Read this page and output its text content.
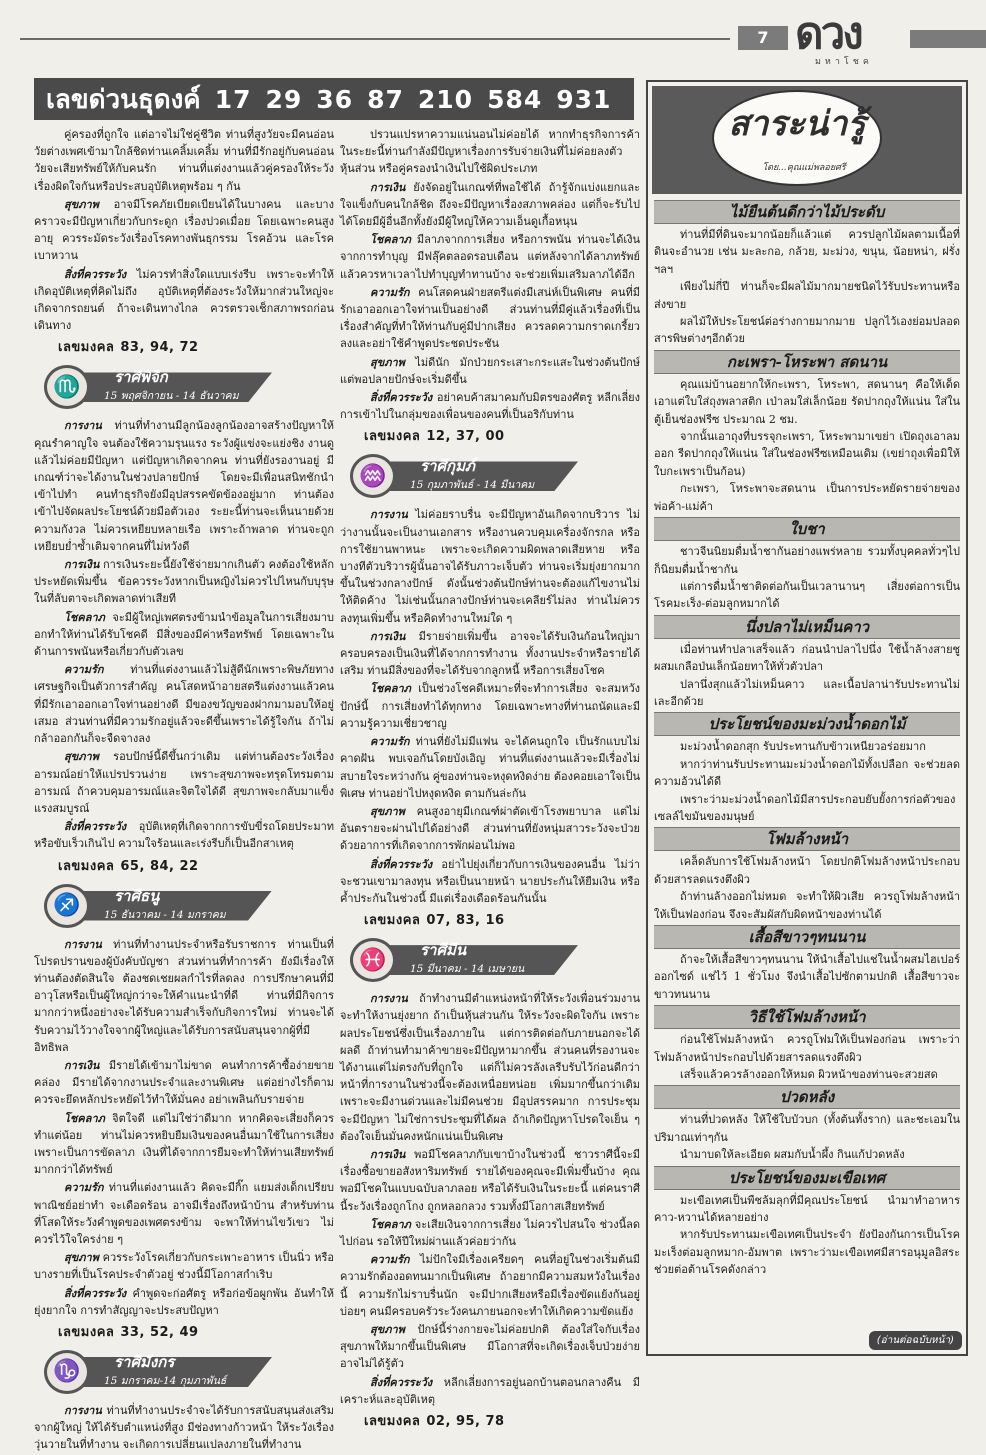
7 ดวง
มหาโชค
เลขด่วนธุดงค์ 17 29 36 87 210 584 931

คู่ครองที่ถูกใจ แต่อาจไม่ใช่คู่ชีวิต ท่านที่สูงวัยจะมีคนอ่อนวัยต่างเพศเข้ามาใกล้ชิดท่านเคลิ้มเคลิ้ม ท่านที่มีรักอยู่กับคนอ่อนวัยจะเสียทรัพย์ให้กับคนรัก ท่านที่แต่งงานแล้วคู่ครองให้ระวังเรื่องผิดใจกันหรือประสบอุบัติเหตุพร้อม ๆ กัน

สุขภาพ อาจมีโรคภัยเบียดเบียนได้ในบางคน และบางคราวจะมีปัญหาเกี่ยวกับกระดูก เรื่องปวดเมื่อย โดยเฉพาะคนสูงอายุ ควรระมัดระวังเรื่องโรคทางพันธุกรรม โรคอ้วน และโรคเบาหวาน

สิ่งที่ควรระวัง ไม่ควรทำสิ่งใดแบบเร่งรีบ เพราะจะทำให้เกิดอุบัติเหตุที่คิดไม่ถึง อุบัติเหตุที่ต้องระวังให้มากส่วนใหญ่จะเกิดจากรถยนต์ ถ้าจะเดินทางไกล ควรตรวจเช็กสภาพรถก่อนเดินทาง

เลขมงคล 83, 94, 72
♏ ราศีพิจิก
15 พฤศจิกายน - 14 ธันวาคม

การงาน ท่านที่ทำงานมีลูกน้องลูกน้องอาจสร้างปัญหาให้คุณรำคาญใจ จนต้องใช้ความรุนแรง ระวังผู้แข่งจะแย่งชิง งานดูแล้วไม่ค่อยมีปัญหา แต่ปัญหาเกิดจากคน ท่านที่ยังรองานอยู่ มีเกณฑ์ว่าจะได้งานในช่วงปลายปักษ์ โดยจะมีเพื่อนสนิทชักนำเข้าไปทำ คนทำธุรกิจยังมีอุปสรรคขัดข้องอยู่มาก ท่านต้องเข้าไปจัดผลประโยชน์ด้วยมือตัวเอง ระยะนี้ท่านจะเห็นนายด้วยความกังวล ไม่ควรเหยียบหลายเรือ เพราะถ้าพลาด ท่านจะถูกเหยียบย่ำซ้ำเติมจากคนที่ไม่หวังดี

การเงิน การเงินระยะนี้ยังใช้จ่ายมากเกินตัว คงต้องใช้หลักประหยัดเพิ่มขึ้น ข้อควรระวังหากเป็นหญิงไม่ควรไปไหนกับบุรุษในที่ลับตาจะเกิดพลาดท่าเสียที

โชคลาภ จะมีผู้ใหญ่เพศตรงข้ามนำข้อมูลในการเสี่ยงมาบอกทำให้ท่านได้รับโชคดี มีสิ่งของมีค่าหรือทรัพย์ โดยเฉพาะในด้านการพนันหรือเกี่ยวกับตัวเลข

ความรัก ท่านที่แต่งงานแล้วไม่สู้ดีนักเพราะพิษภัยทางเศรษฐกิจเป็นตัวการสำคัญ คนโสดหน้าอายสตรีแต่งงานแล้วคนที่มีรักเอาออกเอาใจท่านอย่างดี มีของขวัญของฝากมามอบให้อยู่เสมอ ส่วนท่านที่มีความรักอยู่แล้วจะดีขึ้นเพราะได้รู้ใจกัน ถ้าไม่กล้าออกกันก็จะจืดจางลง

สุขภาพ รอบปักษ์นี้ดีขึ้นกว่าเดิม แต่ท่านต้องระวังเรื่องอารมณ์อย่าให้แปรปรวนง่าย เพราะสุขภาพจะทรุดโทรมตามอารมณ์ ถ้าควบคุมอารมณ์และจิตใจได้ดี สุขภาพจะกลับมาแข็งแรงสมบูรณ์

สิ่งที่ควรระวัง อุบัติเหตุที่เกิดจากการขับขี่รถโดยประมาทหรือขับเร็วเกินไป ความใจร้อนและเร่งรีบก็เป็นอีกสาเหตุ

เลขมงคล 65, 84, 22
♐ ราศีธนู
15 ธันวาคม - 14 มกราคม

การงาน ท่านที่ทำงานประจำหรือรับราชการ ท่านเป็นที่โปรดปรานของผู้บังคับบัญชา ส่วนท่านที่ทำการค้า ยังมีเรื่องให้ท่านต้องตัดสินใจ ต้องชดเชยผลกำไรที่ลดลง การปรึกษาคนที่มีอาวุโสหรือเป็นผู้ใหญ่กว่าจะให้คำแนะนำที่ดี ท่านที่มีกิจการมากกว่าหนึ่งอย่างจะได้รับความสำเร็จกับกิจการใหม่ ท่านจะได้รับความไว้วางใจจากผู้ใหญ่และได้รับการสนับสนุนจากผู้ที่มีอิทธิพล

การเงิน มีรายได้เข้ามาไม่ขาด คนทำการค้าซื้อง่ายขายคล่อง มีรายได้จากงานประจำและงานพิเศษ แต่อย่างไรก็ตามควรจะยึดหลักประหยัดไว้ทำให้มั่นคง อย่าเพลินกับรายจ่าย

โชคลาภ จิตใจดี แต่ไม่ใช่ว่าดีมาก หากคิดจะเสี่ยงก็ควรทำแต่น้อย ท่านไม่ควรหยิบยืมเงินของคนอื่นมาใช้ในการเสี่ยง เพราะเป็นการขัดลาภ เงินที่ได้จากการยืมจะทำให้ท่านเสียทรัพย์มากกว่าได้ทรัพย์

ความรัก ท่านที่แต่งงานแล้ว คิดจะมีกิ๊ก แยมส่งเด็กเปรียบพาณิชย์อย่าทำ จะเดือดร้อน อาจมีเรื่องถึงหน้าบ้าน สำหรับท่านที่โสดให้ระวังคำพูดของเพศตรงข้าม จะพาให้ท่านไขว้เขว ไม่ควรไว้ใจใครง่าย ๆ

สุขภาพ ควรระวังโรคเกี่ยวกับกระเพาะอาหาร เป็นนิ่ว หรือบางรายที่เป็นโรคประจำตัวอยู่ ช่วงนี้มีโอกาสกำเริบ

สิ่งที่ควรระวัง คำพูดจะก่อศัตรู หรือก่อข้อผูกพัน อันทำให้ยุ่งยากใจ การทำสัญญาจะประสบปัญหา

เลขมงคล 33, 52, 49
♑ ราศีมังกร
15 มกราคม-14 กุมภาพันธ์

การงาน ท่านที่ทำงานประจำจะได้รับการสนับสนุนส่งเสริมจากผู้ใหญ่ ให้ได้รับตำแหน่งที่สูง มีช่องทางก้าวหน้า ให้ระวังเรื่องวุ่นวายในที่ทำงาน จะเกิดการเปลี่ยนแปลงภายในที่ทำงาน

ปรวนแปรหาความแน่นอนไม่ค่อยได้ หากทำธุรกิจการค้าในระยะนี้ท่านกำลังมีปัญหาเรื่องการรับจ่ายเงินที่ไม่ค่อยลงตัว หุ้นส่วน หรือคู่ครองนำเงินไปใช้ผิดประเภท

การเงิน ยังจัดอยู่ในเกณฑ์ที่พอใช้ได้ ถ้ารู้จักแบ่งแยกและใจแข็งกับคนใกล้ชิด ถึงจะมีปัญหาเรื่องสภาพคล่อง แต่ก็จะรับไปได้โดยมีผู้อื่นอีกทั้งยังมีผู้ใหญ่ให้ความเอ็นดูเกื้อหนุน

โชคลาภ มีลาภจากการเสี่ยง หรือการพนัน ท่านจะได้เงินจากการทำบุญ มีฟลุ๊คตลอดรอบเดือน แต่หลังจากได้ลาภทรัพย์แล้วควรหาเวลาไปทำบุญทำทานบ้าง จะช่วยเพิ่มเสริมลาภได้อีก

ความรัก คนโสดคนฝ่ายสตรีแต่งมีเสน่ห์เป็นพิเศษ คนที่มีรักเอาออกเอาใจท่านเป็นอย่างดี ส่วนท่านที่มีคู่แล้วเรื่องที่เป็นเรื่องสำคัญที่ทำให้ท่านกับคู่มีปากเสียง ควรลดความกราดเกรี้ยวลงและอย่าใช้คำพูดประชดประชัน

สุขภาพ ไม่ดีนัก มักป่วยกระเสาะกระแสะในช่วงต้นปักษ์ แต่พอปลายปักษ์จะเริ่มดีขึ้น

สิ่งที่ควรระวัง อย่าคบค้าสมาคมกับมิตรของศัตรู หลีกเลี่ยงการเข้าไปในกลุ่มของเพื่อนของคนที่เป็นอริกับท่าน

เลขมงคล 12, 37, 00
♒ ราศีกุมภ์
15 กุมภาพันธ์ - 14 มีนาคม

การงาน ไม่ค่อยราบรื่น จะมีปัญหาอันเกิดจากบริวาร ไม่ว่างานนั้นจะเป็นงานเอกสาร หรืองานควบคุมเครื่องจักรกล หรือการใช้ยานพาหนะ เพราะจะเกิดความผิดพลาดเสียหาย หรือบางทีตัวบริวารผู้นั้นอาจได้รับภาวะเจ็บตัว ท่านจะเริ่มยุ่งยากมากขึ้นในช่วงกลางปักษ์ ดังนั้นช่วงต้นปักษ์ท่านจะต้องแก้ไขงานไม่ให้ติดค้าง ไม่เช่นนั้นกลางปักษ์ท่านจะเคลียร์ไม่ลง ท่านไม่ควรลงทุนเพิ่มขึ้น หรือคิดทำงานใหม่ใด ๆ

การเงิน มีรายจ่ายเพิ่มขึ้น อาจจะได้รับเงินก้อนใหญ่มาครอบครองเป็นเงินที่ได้จากการทำงาน ทั้งงานประจำหรือรายได้เสริม ท่านมีสิ่งของที่จะได้รับจากลูกหนี้ หรือการเสี่ยงโชค

โชคลาภ เป็นช่วงโชคดีเหมาะที่จะทำการเสี่ยง จะสมหวังปักษ์นี้ การเสี่ยงทำได้ทุกทาง โดยเฉพาะทางที่ท่านถนัดและมีความรู้ความเชี่ยวชาญ

ความรัก ท่านที่ยังไม่มีแฟน จะได้คนถูกใจ เป็นรักแบบไม่คาดฝัน พบเจอกันโดยบังเอิญ ท่านที่แต่งงานแล้วจะมีเรื่องไม่สบายใจระหว่างกัน คู่ของท่านจะหงุดหงิดง่าย ต้องคอยเอาใจเป็นพิเศษ ท่านอย่าไปหงุดหงิด ตามกันล่ะกัน

สุขภาพ คนสูงอายุมีเกณฑ์ผ่าตัดเข้าโรงพยาบาล แต่ไม่อันตรายจะผ่านไปได้อย่างดี ส่วนท่านที่ยังหนุ่มสาวระวังจะป่วยด้วยอาการที่เกิดจากการพักผ่อนไม่พอ

สิ่งที่ควรระวัง อย่าไปยุ่งเกี่ยวกับการเงินของคนอื่น ไม่ว่าจะชวนเขามาลงทุน หรือเป็นนายหน้า นายประกันให้ยืมเงิน หรือค้ำประกันในช่วงนี้ มีแต่เรื่องเดือดร้อนกันนั้น

เลขมงคล 07, 83, 16
♓ ราศีมีน
15 มีนาคม - 14 เมษายน

การงาน ถ้าทำงานมีตำแหน่งหน้าที่ให้ระวังเพื่อนร่วมงานจะทำให้งานยุ่งยาก ถ้าเป็นหุ้นส่วนกัน ให้ระวังจะผิดใจกัน เพราะผลประโยชน์ซึ่งเป็นเรื่องภายใน แต่การติดต่อกับภายนอกจะได้ผลดี ถ้าท่านทำมาค้าขายจะมีปัญหามากขึ้น ส่วนคนที่รองานจะได้งานแต่ไม่ตรงกับที่ถูกใจ แต่ก็ไม่ควรลังเลรีบรับไว้ก่อนดีกว่า หน้าที่การงานในช่วงนี้จะต้องเหนื่อยหน่อย เพิ่มมากขึ้นกว่าเดิม เพราะจะมีงานด่วนและไม่มีคนช่วย มีอุปสรรคมาก การประชุมจะมีปัญหา ไม่ใช่การประชุมที่ได้ผล ถ้าเกิดปัญหาโปรดใจเย็น ๆ ต้องใจเย็นมั่นคงหนักแน่นเป็นพิเศษ

การเงิน พอมีโชคลาภกับเขาบ้างในช่วงนี้ ชาวราศีนี้จะมีเรื่องซื้อขายอสังหาริมทรัพย์ รายได้ของคุณจะมีเพิ่มขึ้นบ้าง คุณพอมีโชคในแบบฉบับลาภลอย หรือได้รับเงินในระยะนี้ แต่คนราศีนี้ระวังเรื่องถูกโกง ถูกหลอกลวง รวมทั้งมีโอกาสเสียทรัพย์

โชคลาภ จะเสียเงินจากการเสี่ยง ไม่ควรไปสนใจ ช่วงนี้ลดไปก่อน รอให้ปีใหม่ผ่านแล้วค่อยว่ากัน

ความรัก ไม่ปักใจมีเรื่องเครียดๆ คนที่อยู่ในช่วงเริ่มต้นมีความรักต้องอดทนมากเป็นพิเศษ ถ้าอยากมีความสมหวังในเรื่องนี้ ความรักไม่ราบรื่นนัก จะมีปากเสียงหรือมีเรื่องขัดแย้งกันอยู่บ่อยๆ คนมีครอบครัวระวังคนภายนอกจะทำให้เกิดความขัดแย้ง

สุขภาพ ปักษ์นี้ร่างกายจะไม่ค่อยปกติ ต้องใส่ใจกับเรื่องสุขภาพให้มากขึ้นเป็นพิเศษ มีโอกาสที่จะเกิดเรื่องเจ็บป่วยง่ายอาจไม่ได้รู้ตัว

สิ่งที่ควรระวัง หลีกเลี่ยงการอยู่นอกบ้านตอนกลางคืน มีเคราะห์และอุบัติเหตุ

เลขมงคล 02, 95, 78
สาระน่ารู้
โดย...คุณแม่พลอยศรี
ไม้ยืนต้นดีกว่าไม้ประดับ

ท่านที่มีที่ดินจะมากน้อยก็แล้วแต่ ควรปลูกไม้ผลตามเนื้อที่ดินจะอำนวย เช่น มะละกอ, กล้วย, มะม่วง, ขนุน, น้อยหน่า, ฝรั่ง ฯลฯ

เพียงไม่กี่ปี ท่านก็จะมีผลไม้มากมายชนิดไว้รับประทานหรือส่งขาย

ผลไม้ให้ประโยชน์ต่อร่างกายมากมาย ปลูกไว้เองย่อมปลอดสารพิษต่างๆอีกด้วย

กะเพรา-โหระพา สดนาน

คุณแม่บ้านอยากให้กะเพรา, โหระพา, สดนานๆ คือให้เด็ดเอาแต่ใบใส่ถุงพลาสติก เป่าลมใส่เล็กน้อย รัดปากถุงให้แน่น ใส่ในตู้เย็นช่องฟรีซ ประมาณ 2 ชม.

จากนั้นเอาถุงที่บรรจุกะเพรา, โหระพามาเขย่า เปิดถุงเอาลมออก รีดปากถุงให้แน่น ใส่ในช่องฟรีซเหมือนเดิม (เขย่าถุงเพื่อมิให้ใบกะเพราเป็นก้อน)

กะเพรา, โหระพาจะสดนาน เป็นการประหยัดรายจ่ายของพ่อค้า-แม่ค้า

ใบชา

ชาวจีนนิยมดื่มน้ำชากันอย่างแพร่หลาย รวมทั้งบุคคลทั่วๆไป ก็นิยมดื่มน้ำชากัน

แต่การดื่มน้ำชาติดต่อกันเป็นเวลานานๆ เสี่ยงต่อการเป็นโรคมะเร็ง-ต่อมลูกหมากได้

นึ่งปลาไม่เหม็นคาว

เมื่อท่านทำปลาเสร็จแล้ว ก่อนนำปลาไปนึ่ง ใช้น้ำล้างสายชูผสมเกลือป่นเล็กน้อยทาให้ทั่วตัวปลา

ปลานึ่งสุกแล้วไม่เหม็นคาว และเนื้อปลาน่ารับประทานไม่เละอีกด้วย

ประโยชน์ของมะม่วงน้ำดอกไม้

มะม่วงน้ำดอกสุก รับประทานกับข้าวเหนียวอร่อยมาก

หากว่าท่านรับประทานมะม่วงน้ำดอกไม้ทั้งเปลือก จะช่วยลดความอ้วนได้ดี

เพราะว่ามะม่วงน้ำดอกไม้มีสารประกอบยับยั้งการก่อตัวของเซลล์ไขมันของมนุษย์

โฟมล้างหน้า

เคล็ดลับการใช้โฟมล้างหน้า โดยปกติโฟมล้างหน้าประกอบด้วยสารลดแรงตึงผิว

ถ้าท่านล้างออกไม่หมด จะทำให้ผิวเสีย ควรถูโฟมล้างหน้าให้เป็นฟองก่อน จึงจะสัมผัสกับผิดหน้าของท่านได้

เสื้อสีขาวๆทนนาน

ถ้าจะให้เสื้อสีขาวๆทนนาน ให้นำเสื้อไปแช่ในน้ำผสมไฮเปอร์ออกไซด์ แช่ไว้ 1 ชั่วโมง จึงนำเสื้อไปซักตามปกติ เสื้อสีขาวจะขาวทนนาน

วิธีใช้โฟมล้างหน้า

ก่อนใช้โฟมล้างหน้า ควรถูโฟมให้เป็นฟองก่อน เพราะว่าโฟมล้างหน้าประกอบไปด้วยสารลดแรงตึงผิว

เสร็จแล้วควรล้างออกให้หมด ผิวหน้าของท่านจะสวยสด

ปวดหลัง

ท่านที่ปวดหลัง ให้ใช้ใบบัวบก (ทั้งต้นทั้งราก) และชะเอมในปริมาณเท่าๆกัน

นำมาบดให้ละเอียด ผสมกับน้ำผึ้ง กินแก้ปวดหลัง

ประโยชน์ของมะเขือเทศ

มะเขือเทศเป็นพืชล้มลุกที่มีคุณประโยชน์ นำมาทำอาหารคาว-หวานได้หลายอย่าง

หากรับประทานมะเขือเทศเป็นประจำ ยังป้องกันการเป็นโรคมะเร็งต่อมลูกหมาก-อัมพาต เพราะว่ามะเขือเทศมีสารอนุมูลอิสระ ช่วยต่อต้านโรคดังกล่าว

(อ่านต่อฉบับหน้า)
